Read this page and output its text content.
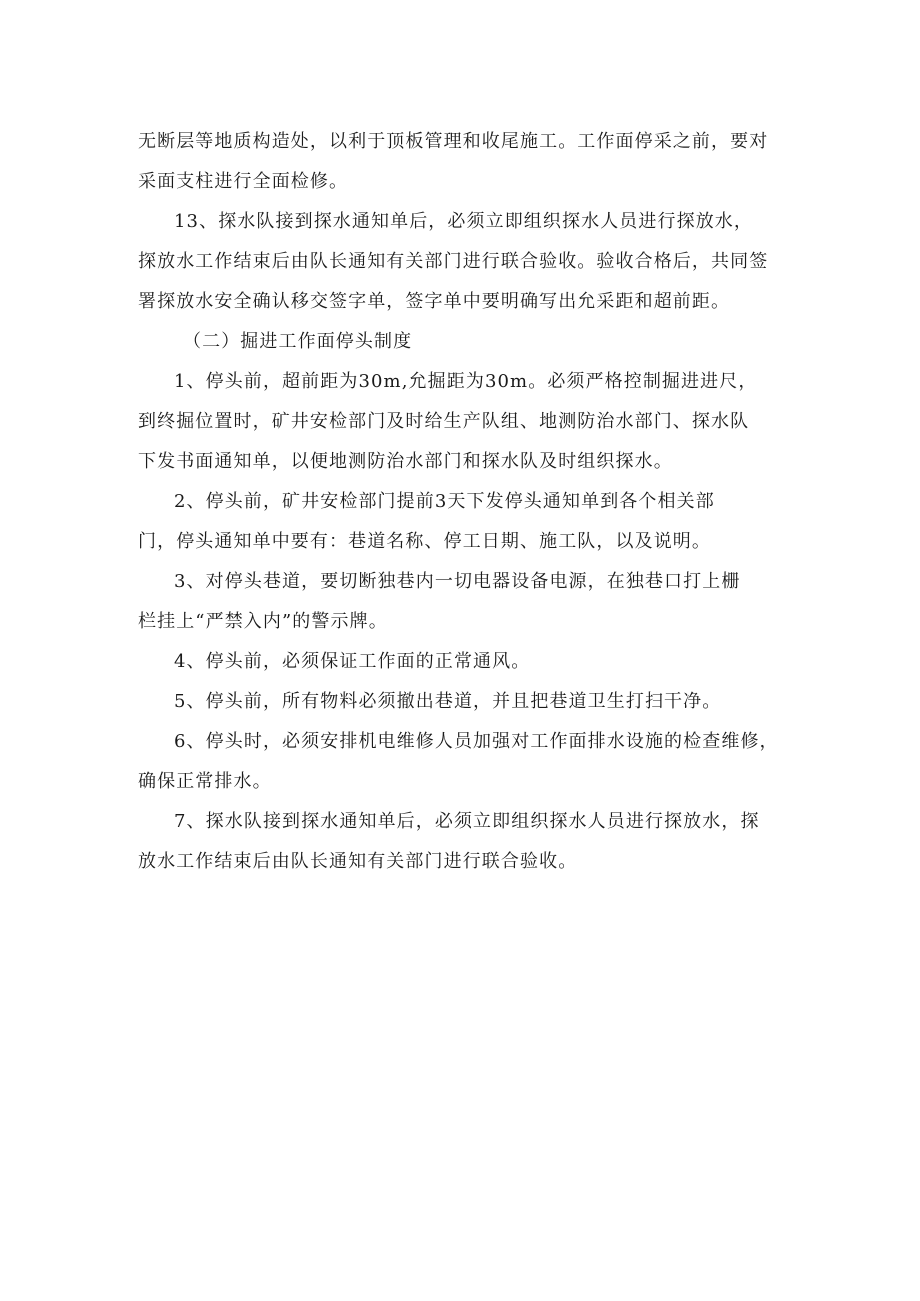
无断层等地质构造处，以利于顶板管理和收尾施工。工作面停采之前，要对
采面支柱进行全面检修。
13、探水队接到探水通知单后，必须立即组织探水人员进行探放水，
探放水工作结束后由队长通知有关部门进行联合验收。验收合格后，共同签
署探放水安全确认移交签字单，签字单中要明确写出允采距和超前距。
（二）掘进工作面停头制度
1、停头前，超前距为30m,允掘距为30m。必须严格控制掘进进尺，
到终掘位置时，矿井安检部门及时给生产队组、地测防治水部门、探水队
下发书面通知单，以便地测防治水部门和探水队及时组织探水。
2、停头前，矿井安检部门提前3天下发停头通知单到各个相关部
门，停头通知单中要有：巷道名称、停工日期、施工队，以及说明。
3、对停头巷道，要切断独巷内一切电器设备电源，在独巷口打上栅
栏挂上“严禁入内”的警示牌。
4、停头前，必须保证工作面的正常通风。
5、停头前，所有物料必须撤出巷道，并且把巷道卫生打扫干净。
6、停头时，必须安排机电维修人员加强对工作面排水设施的检查维修，
确保正常排水。
7、探水队接到探水通知单后，必须立即组织探水人员进行探放水，探
放水工作结束后由队长通知有关部门进行联合验收。
